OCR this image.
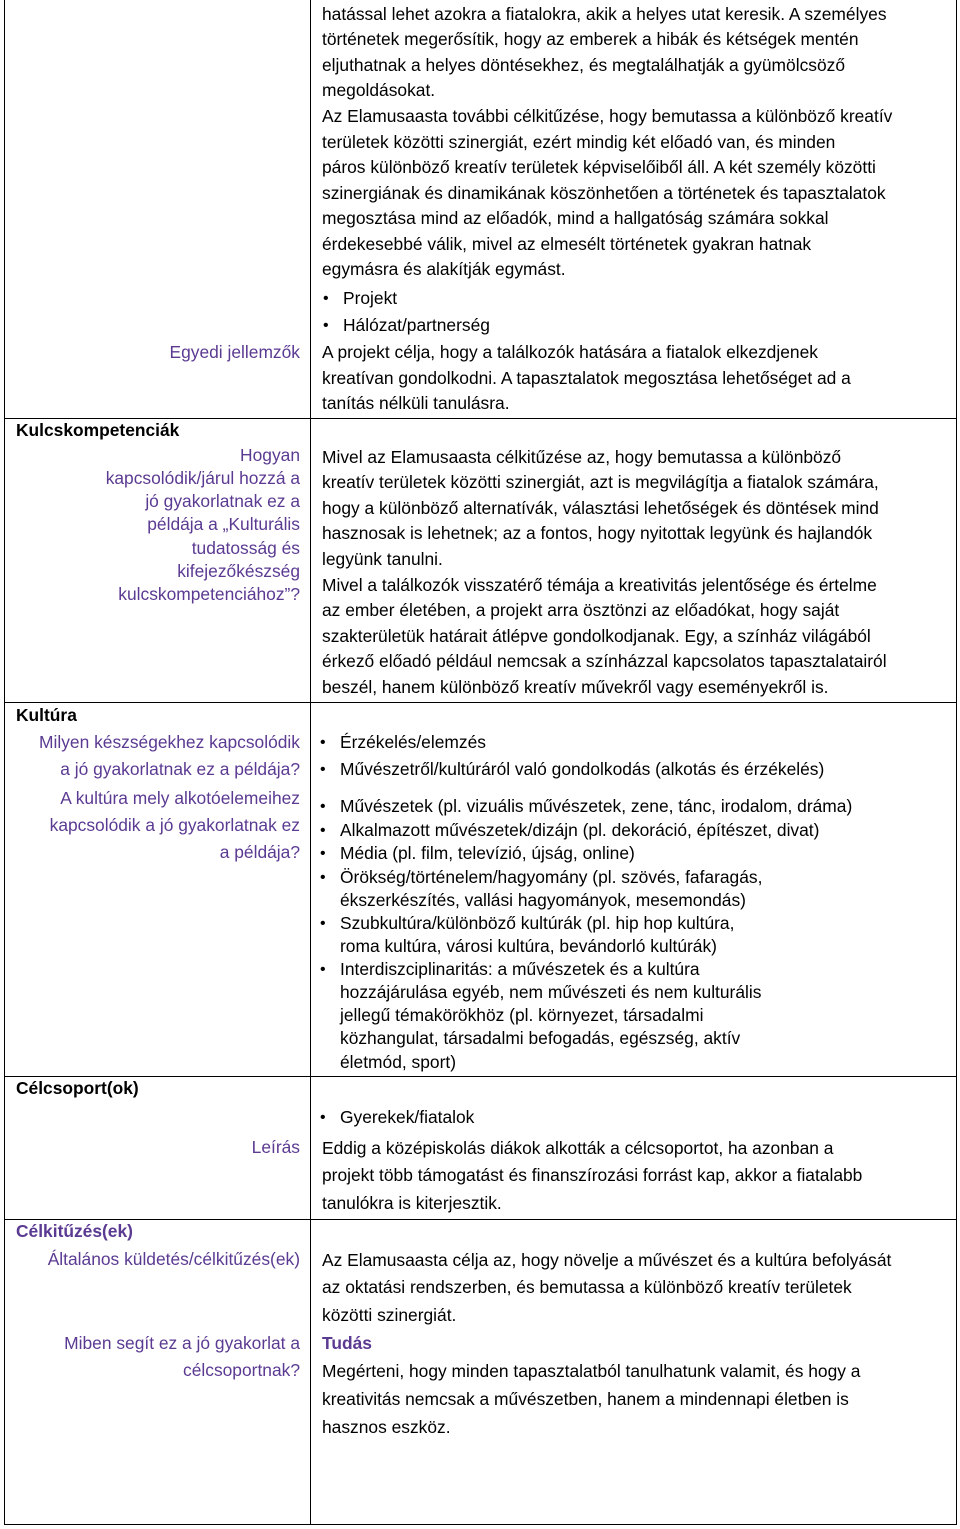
Egyedi jellemzők
Kulcskompetenciák
Hogyan
kapcsolódik/járul hozzá a
jó gyakorlatnak ez a
példája a „Kulturális
tudatosság és
kifejezőkészség
kulcskompetenciához”?
Kultúra
Milyen készségekhez kapcsolódik
a jó gyakorlatnak ez a példája?
A kultúra mely alkotóelemeihez
kapcsolódik a jó gyakorlatnak ez
a példája?
Célcsoport(ok)
Leírás
Célkitűzés(ek)
Általános küldetés/célkitűzés(ek)
Miben segít ez a jó gyakorlat a
célcsoportnak?
hatással lehet azokra a fiatalokra, akik a helyes utat keresik. A személyes
történetek megerősítik, hogy az emberek a hibák és kétségek mentén
eljuthatnak a helyes döntésekhez, és megtalálhatják a gyümölcsöző
megoldásokat.
Az Elamusaasta további célkitűzése, hogy bemutassa a különböző kreatív
területek közötti szinergiát, ezért mindig két előadó van, és minden
páros különböző kreatív területek képviselőiből áll. A két személy közötti
szinergiának és dinamikának köszönhetően a történetek és tapasztalatok
megosztása mind az előadók, mind a hallgatóság számára sokkal
érdekesebbé válik, mivel az elmesélt történetek gyakran hatnak
egymásra és alakítják egymást.
• Projekt
• Hálózat/partnerség
A projekt célja, hogy a találkozók hatására a fiatalok elkezdjenek
kreatívan gondolkodni. A tapasztalatok megosztása lehetőséget ad a
tanítás nélküli tanulásra.
Mivel az Elamusaasta célkitűzése az, hogy bemutassa a különböző
kreatív területek közötti szinergiát, azt is megvilágítja a fiatalok számára,
hogy a különböző alternatívák, választási lehetőségek és döntések mind
hasznosak is lehetnek; az a fontos, hogy nyitottak legyünk és hajlandók
legyünk tanulni.
Mivel a találkozók visszatérő témája a kreativitás jelentősége és értelme
az ember életében, a projekt arra ösztönzi az előadókat, hogy saját
szakterületük határait átlépve gondolkodjanak. Egy, a színház világából
érkező előadó például nemcsak a színházzal kapcsolatos tapasztalatairól
beszél, hanem különböző kreatív művekről vagy eseményekről is.
• Érzékelés/elemzés
• Művészetről/kultúráról való gondolkodás (alkotás és érzékelés)
• Művészetek (pl. vizuális művészetek, zene, tánc, irodalom, dráma)
• Alkalmazott művészetek/dizájn (pl. dekoráció, építészet, divat)
• Média (pl. film, televízió, újság, online)
• Örökség/történelem/hagyomány (pl. szövés, fafaragás,
ékszerkészítés, vallási hagyományok, mesemondás)
• Szubkultúra/különböző kultúrák (pl. hip hop kultúra,
roma kultúra, városi kultúra, bevándorló kultúrák)
• Interdiszciplinaritás: a művészetek és a kultúra
hozzájárulása egyéb, nem művészeti és nem kulturális
jellegű témakörökhöz (pl. környezet, társadalmi
közhangulat, társadalmi befogadás, egészség, aktív
életmód, sport)
• Gyerekek/fiatalok
Eddig a középiskolás diákok alkották a célcsoportot, ha azonban a
projekt több támogatást és finanszírozási forrást kap, akkor a fiatalabb
tanulókra is kiterjesztik.
Az Elamusaasta célja az, hogy növelje a művészet és a kultúra befolyását
az oktatási rendszerben, és bemutassa a különböző kreatív területek
közötti szinergiát.
Tudás
Megérteni, hogy minden tapasztalatból tanulhatunk valamit, és hogy a
kreativitás nemcsak a művészetben, hanem a mindennapi életben is
hasznos eszköz.
